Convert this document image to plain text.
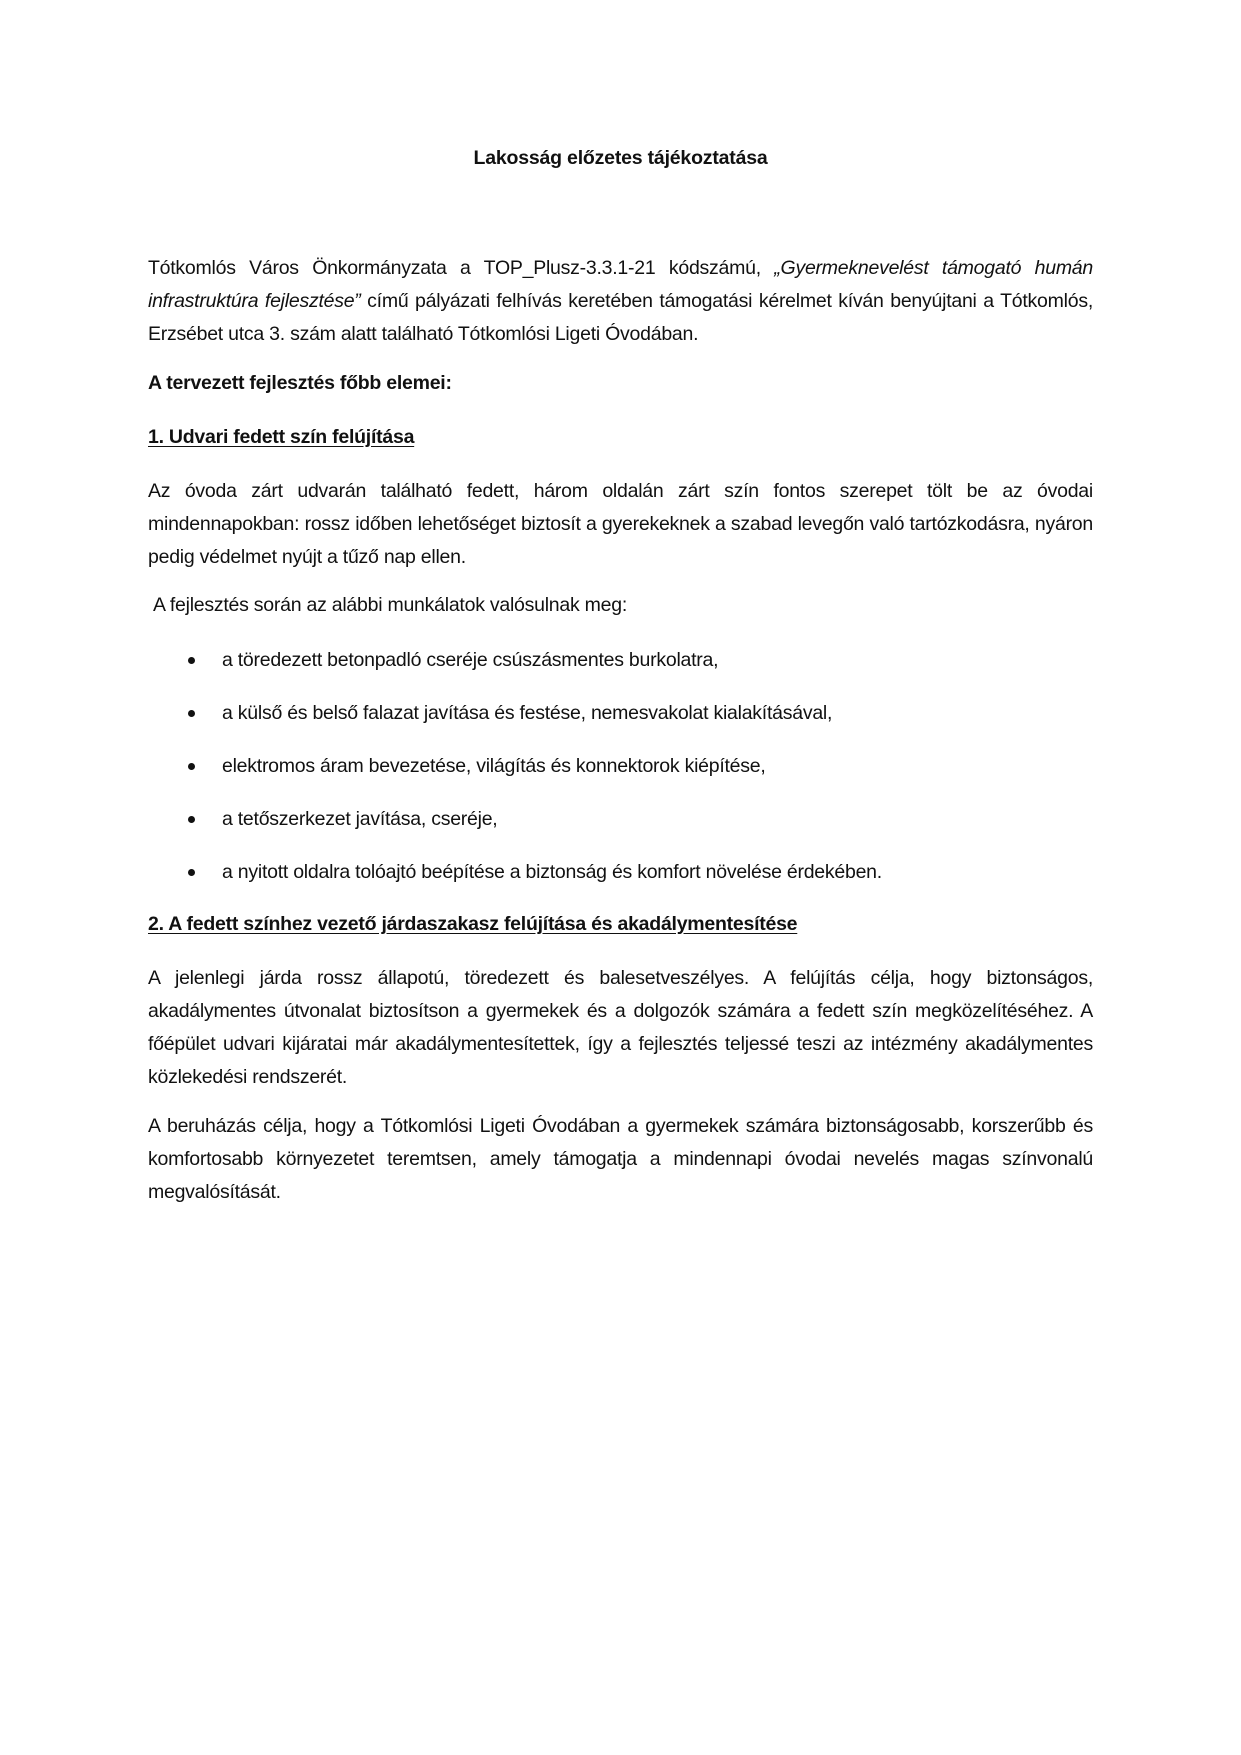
Lakosság előzetes tájékoztatása
Tótkomlós Város Önkormányzata a TOP_Plusz-3.3.1-21 kódszámú, „Gyermeknevelést támogató humán infrastruktúra fejlesztése” című pályázati felhívás keretében támogatási kérelmet kíván benyújtani a Tótkomlós, Erzsébet utca 3. szám alatt található Tótkomlósi Ligeti Óvodában.
A tervezett fejlesztés főbb elemei:
1. Udvari fedett szín felújítása
Az óvoda zárt udvarán található fedett, három oldalán zárt szín fontos szerepet tölt be az óvodai mindennapokban: rossz időben lehetőséget biztosít a gyerekeknek a szabad levegőn való tartózkodásra, nyáron pedig védelmet nyújt a tűző nap ellen.
A fejlesztés során az alábbi munkálatok valósulnak meg:
a töredezett betonpadló cseréje csúszásmentes burkolatra,
a külső és belső falazat javítása és festése, nemesvakolat kialakításával,
elektromos áram bevezetése, világítás és konnektorok kiépítése,
a tetőszerkezet javítása, cseréje,
a nyitott oldalra tolóajtó beépítése a biztonság és komfort növelése érdekében.
2. A fedett színhez vezető járdaszakasz felújítása és akadálymentesítése
A jelenlegi járda rossz állapotú, töredezett és balesetveszélyes. A felújítás célja, hogy biztonságos, akadálymentes útvonalat biztosítson a gyermekek és a dolgozók számára a fedett szín megközelítéséhez. A főépület udvari kijáratai már akadálymentesítettek, így a fejlesztés teljessé teszi az intézmény akadálymentes közlekedési rendszerét.
A beruházás célja, hogy a Tótkomlósi Ligeti Óvodában a gyermekek számára biztonságosabb, korszerűbb és komfortosabb környezetet teremtsen, amely támogatja a mindennapi óvodai nevelés magas színvonalú megvalósítását.
